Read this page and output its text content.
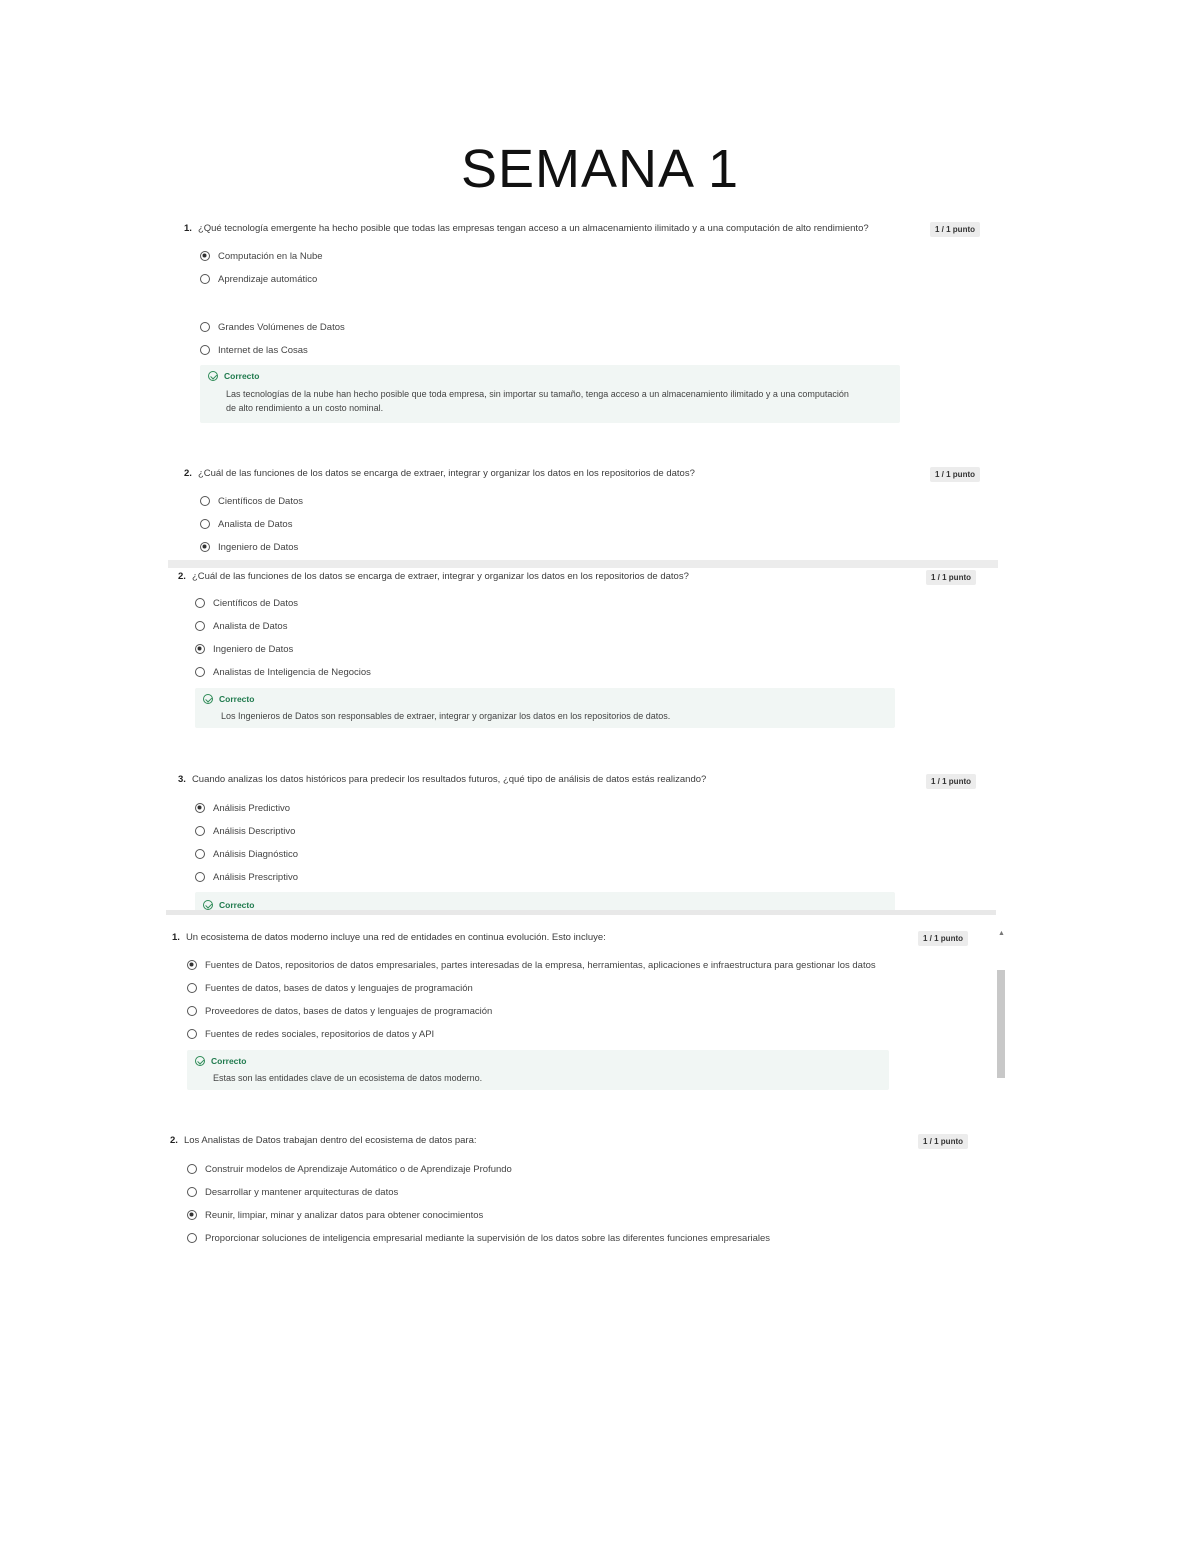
SEMANA 1
1. ¿Qué tecnología emergente ha hecho posible que todas las empresas tengan acceso a un almacenamiento ilimitado y a una computación de alto rendimiento?	1 / 1 punto
Computación en la Nube
Aprendizaje automático
Grandes Volúmenes de Datos
Internet de las Cosas
Correcto
Las tecnologías de la nube han hecho posible que toda empresa, sin importar su tamaño, tenga acceso a un almacenamiento ilimitado y a una computación
de alto rendimiento a un costo nominal.
2. ¿Cuál de las funciones de los datos se encarga de extraer, integrar y organizar los datos en los repositorios de datos?	1 / 1 punto
Científicos de Datos
Analista de Datos
Ingeniero de Datos
2. ¿Cuál de las funciones de los datos se encarga de extraer, integrar y organizar los datos en los repositorios de datos?	1 / 1 punto
Científicos de Datos
Analista de Datos
Ingeniero de Datos
Analistas de Inteligencia de Negocios
Correcto
Los Ingenieros de Datos son responsables de extraer, integrar y organizar los datos en los repositorios de datos.
3. Cuando analizas los datos históricos para predecir los resultados futuros, ¿qué tipo de análisis de datos estás realizando?	1 / 1 punto
Análisis Predictivo
Análisis Descriptivo
Análisis Diagnóstico
Análisis Prescriptivo
Correcto
1. Un ecosistema de datos moderno incluye una red de entidades en continua evolución. Esto incluye:	1 / 1 punto
Fuentes de Datos, repositorios de datos empresariales, partes interesadas de la empresa, herramientas, aplicaciones e infraestructura para gestionar los datos
Fuentes de datos, bases de datos y lenguajes de programación
Proveedores de datos, bases de datos y lenguajes de programación
Fuentes de redes sociales, repositorios de datos y API
Correcto
Estas son las entidades clave de un ecosistema de datos moderno.
2. Los Analistas de Datos trabajan dentro del ecosistema de datos para:	1 / 1 punto
Construir modelos de Aprendizaje Automático o de Aprendizaje Profundo
Desarrollar y mantener arquitecturas de datos
Reunir, limpiar, minar y analizar datos para obtener conocimientos
Proporcionar soluciones de inteligencia empresarial mediante la supervisión de los datos sobre las diferentes funciones empresariales
▲
